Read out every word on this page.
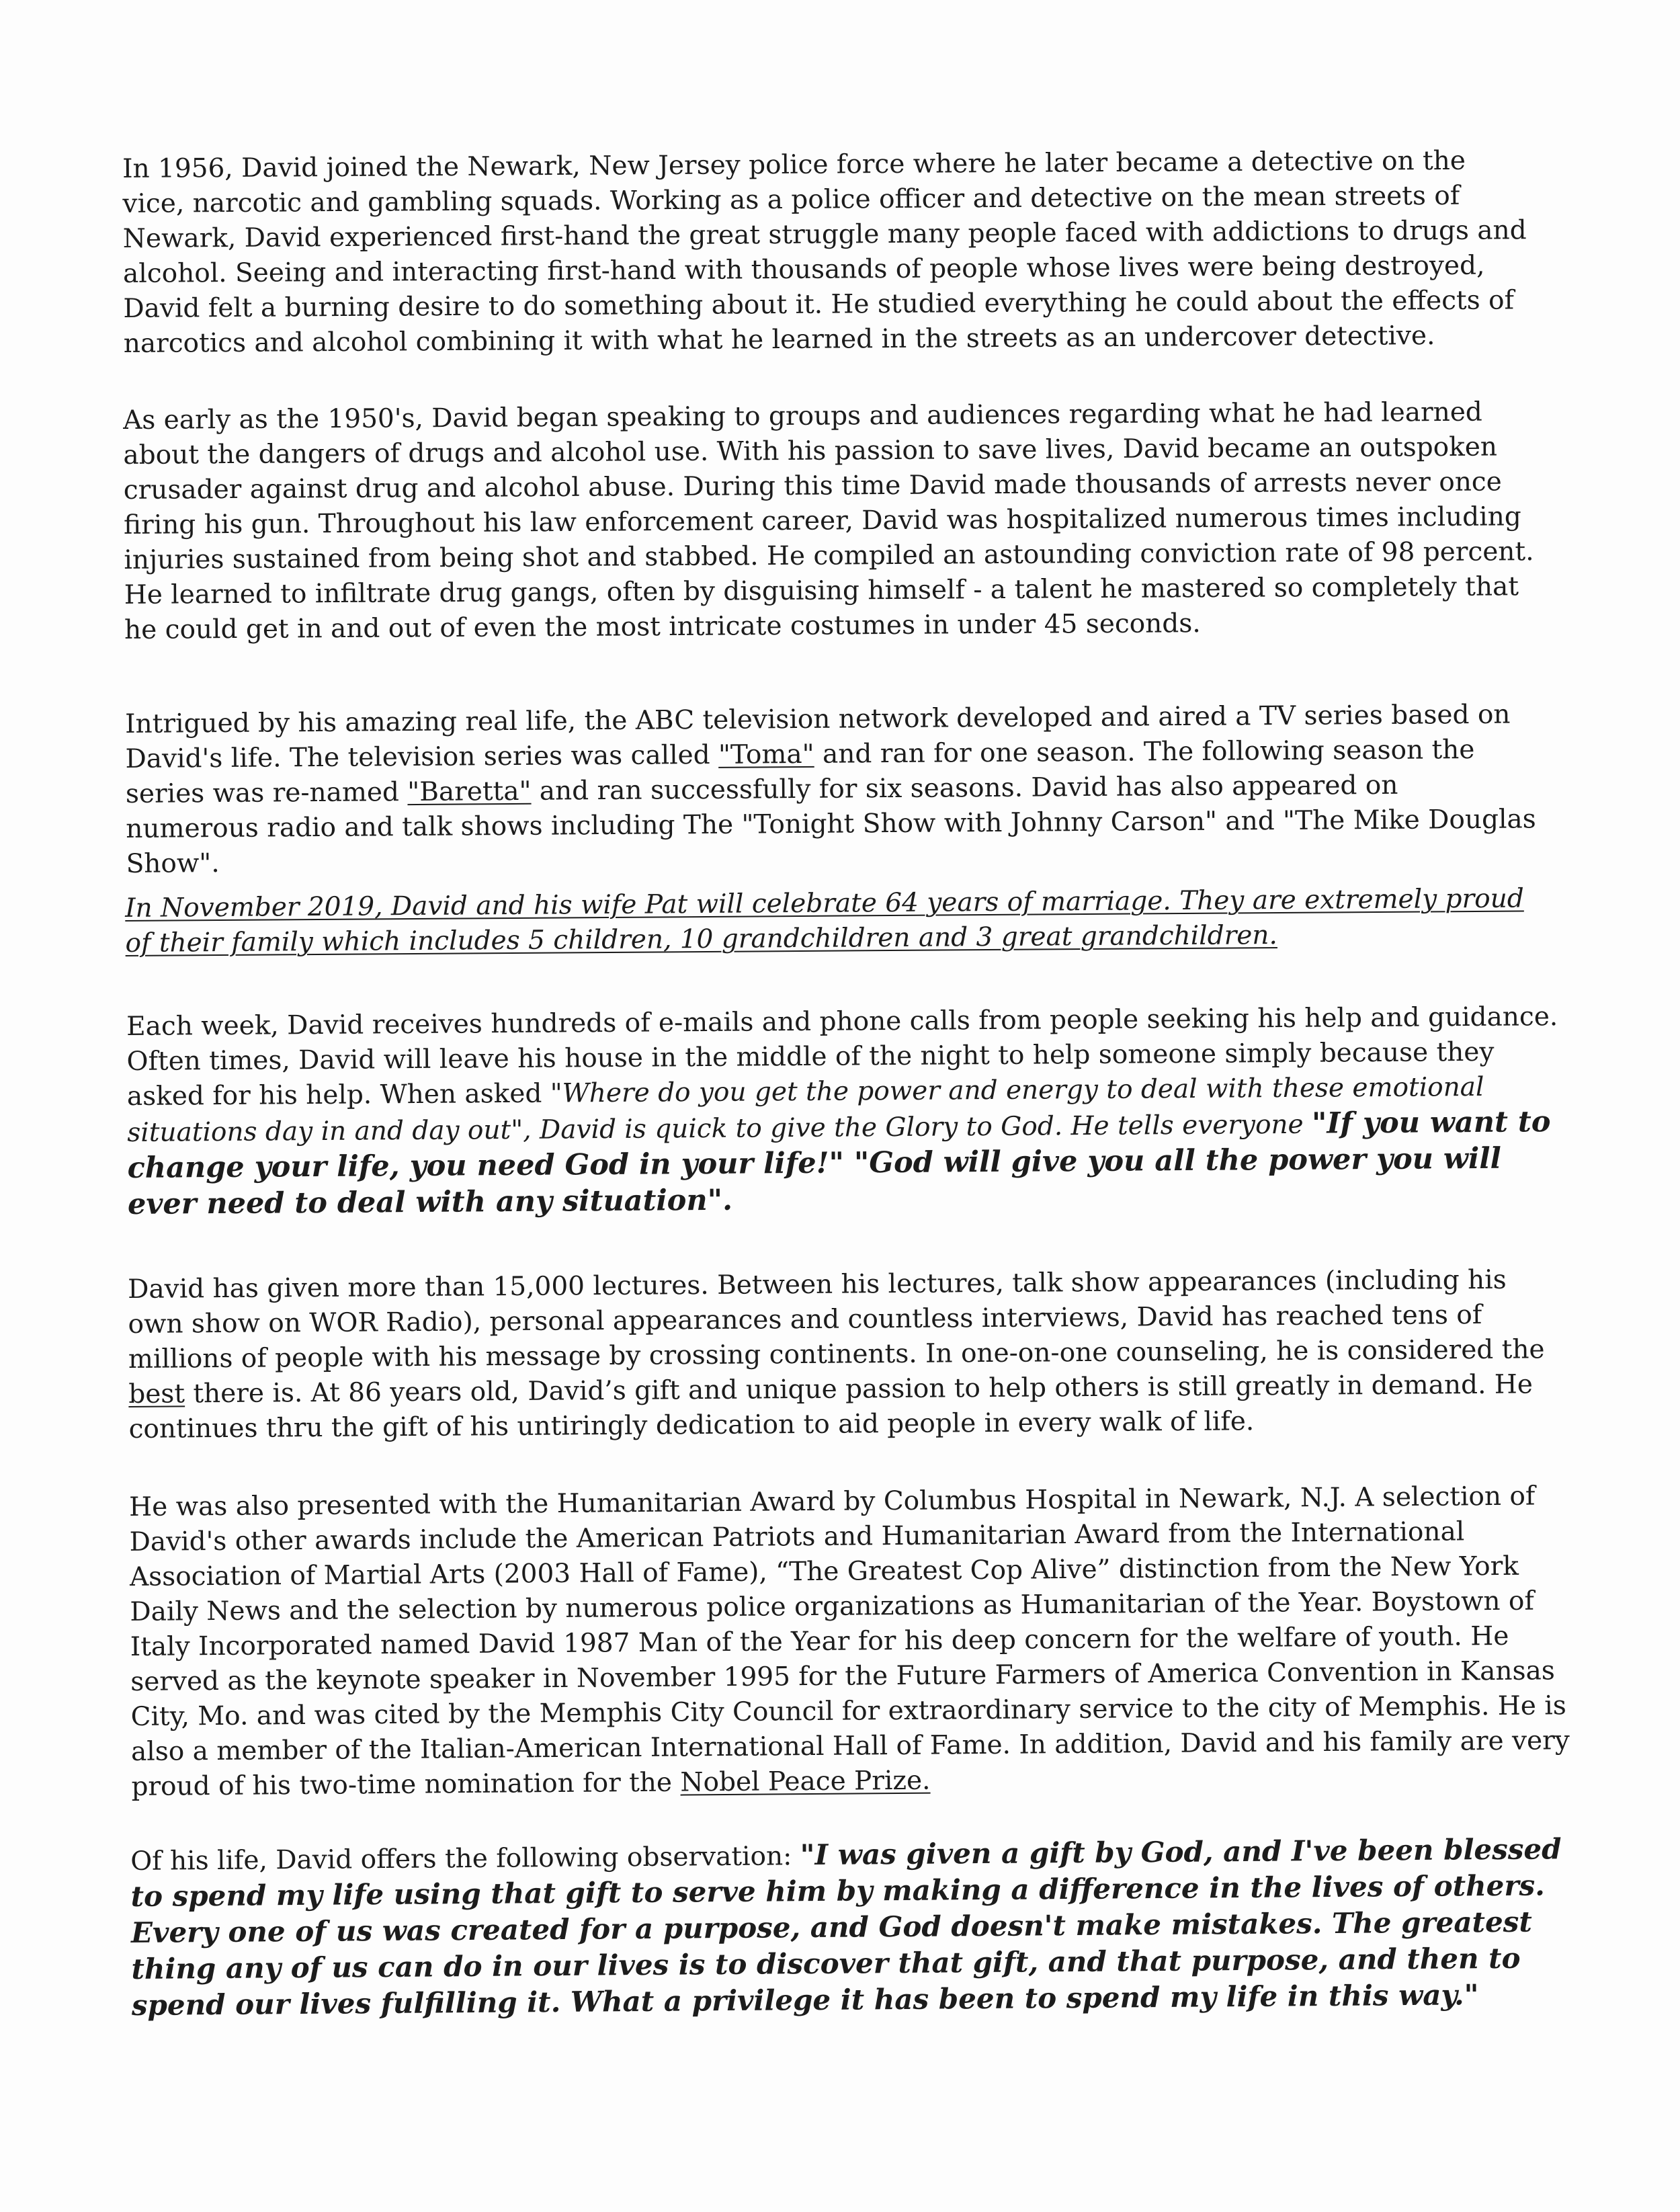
In 1956, David joined the Newark, New Jersey police force where he later became a detective on the vice, narcotic and gambling squads. Working as a police officer and detective on the mean streets of Newark, David experienced first-hand the great struggle many people faced with addictions to drugs and alcohol. Seeing and interacting first-hand with thousands of people whose lives were being destroyed, David felt a burning desire to do something about it. He studied everything he could about the effects of narcotics and alcohol combining it with what he learned in the streets as an undercover detective.

As early as the 1950's, David began speaking to groups and audiences regarding what he had learned about the dangers of drugs and alcohol use. With his passion to save lives, David became an outspoken crusader against drug and alcohol abuse. During this time David made thousands of arrests never once firing his gun. Throughout his law enforcement career, David was hospitalized numerous times including injuries sustained from being shot and stabbed. He compiled an astounding conviction rate of 98 percent. He learned to infiltrate drug gangs, often by disguising himself - a talent he mastered so completely that he could get in and out of even the most intricate costumes in under 45 seconds.

Intrigued by his amazing real life, the ABC television network developed and aired a TV series based on David's life. The television series was called "Toma" and ran for one season. The following season the series was re-named "Baretta" and ran successfully for six seasons. David has also appeared on numerous radio and talk shows including The "Tonight Show with Johnny Carson" and "The Mike Douglas Show".

In November 2019, David and his wife Pat will celebrate 64 years of marriage. They are extremely proud of their family which includes 5 children, 10 grandchildren and 3 great grandchildren.

Each week, David receives hundreds of e-mails and phone calls from people seeking his help and guidance. Often times, David will leave his house in the middle of the night to help someone simply because they asked for his help. When asked "Where do you get the power and energy to deal with these emotional situations day in and day out", David is quick to give the Glory to God. He tells everyone "If you want to change your life, you need God in your life!" "God will give you all the power you will ever need to deal with any situation".

David has given more than 15,000 lectures. Between his lectures, talk show appearances (including his own show on WOR Radio), personal appearances and countless interviews, David has reached tens of millions of people with his message by crossing continents. In one-on-one counseling, he is considered the best there is. At 86 years old, David’s gift and unique passion to help others is still greatly in demand. He continues thru the gift of his untiringly dedication to aid people in every walk of life.

He was also presented with the Humanitarian Award by Columbus Hospital in Newark, N.J. A selection of David's other awards include the American Patriots and Humanitarian Award from the International Association of Martial Arts (2003 Hall of Fame), “The Greatest Cop Alive” distinction from the New York Daily News and the selection by numerous police organizations as Humanitarian of the Year. Boystown of Italy Incorporated named David 1987 Man of the Year for his deep concern for the welfare of youth. He served as the keynote speaker in November 1995 for the Future Farmers of America Convention in Kansas City, Mo. and was cited by the Memphis City Council for extraordinary service to the city of Memphis. He is also a member of the Italian-American International Hall of Fame. In addition, David and his family are very proud of his two-time nomination for the Nobel Peace Prize.

Of his life, David offers the following observation: "I was given a gift by God, and I've been blessed to spend my life using that gift to serve him by making a difference in the lives of others. Every one of us was created for a purpose, and God doesn't make mistakes. The greatest thing any of us can do in our lives is to discover that gift, and that purpose, and then to spend our lives fulfilling it. What a privilege it has been to spend my life in this way."
